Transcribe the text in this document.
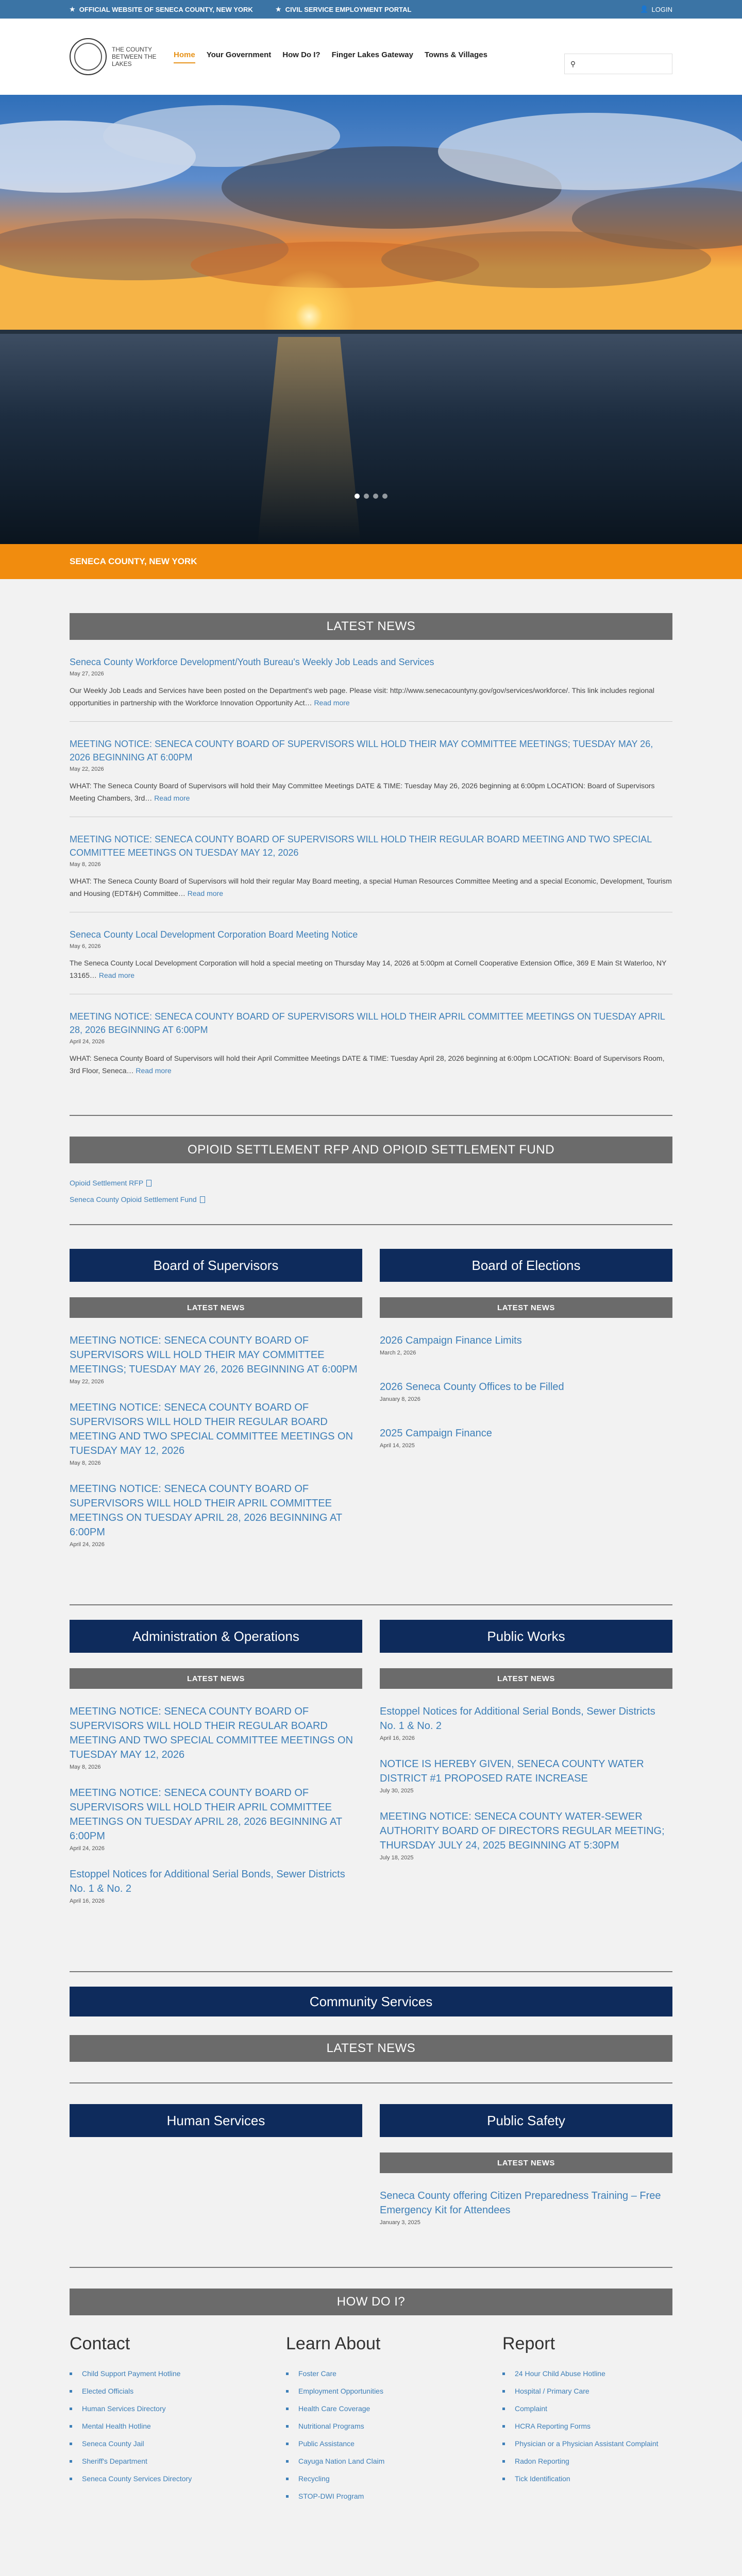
★ OFFICIAL WEBSITE OF SENECA COUNTY, NEW YORK	★ CIVIL SERVICE EMPLOYMENT PORTAL	👤 LOGIN
THE COUNTY BETWEEN THE LAKES
Home Your Government How Do I? Finger Lakes Gateway Towns & Villages
⚲
SENECA COUNTY, NEW YORK
LATEST NEWS
Seneca County Workforce Development/Youth Bureau's Weekly Job Leads and Services
May 27, 2026
Our Weekly Job Leads and Services have been posted on the Department's web page. Please visit: http://www.senecacountyny.gov/gov/services/workforce/. This link includes regional opportunities in partnership with the Workforce Innovation Opportunity Act… Read more
MEETING NOTICE: SENECA COUNTY BOARD OF SUPERVISORS WILL HOLD THEIR MAY COMMITTEE MEETINGS; TUESDAY MAY 26, 2026 BEGINNING AT 6:00PM
May 22, 2026
WHAT: The Seneca County Board of Supervisors will hold their May Committee Meetings DATE & TIME: Tuesday May 26, 2026 beginning at 6:00pm LOCATION: Board of Supervisors Meeting Chambers, 3rd… Read more
MEETING NOTICE: SENECA COUNTY BOARD OF SUPERVISORS WILL HOLD THEIR REGULAR BOARD MEETING AND TWO SPECIAL COMMITTEE MEETINGS ON TUESDAY MAY 12, 2026
May 8, 2026
WHAT: The Seneca County Board of Supervisors will hold their regular May Board meeting, a special Human Resources Committee Meeting and a special Economic, Development, Tourism and Housing (EDT&H) Committee… Read more
Seneca County Local Development Corporation Board Meeting Notice
May 6, 2026
The Seneca County Local Development Corporation will hold a special meeting on Thursday May 14, 2026 at 5:00pm at Cornell Cooperative Extension Office, 369 E Main St Waterloo, NY 13165… Read more
MEETING NOTICE: SENECA COUNTY BOARD OF SUPERVISORS WILL HOLD THEIR APRIL COMMITTEE MEETINGS ON TUESDAY APRIL 28, 2026 BEGINNING AT 6:00PM
April 24, 2026
WHAT: Seneca County Board of Supervisors will hold their April Committee Meetings DATE & TIME: Tuesday April 28, 2026 beginning at 6:00pm LOCATION: Board of Supervisors Room, 3rd Floor, Seneca… Read more
OPIOID SETTLEMENT RFP AND OPIOID SETTLEMENT FUND
Opioid Settlement RFP
Seneca County Opioid Settlement Fund
Board of Supervisors
LATEST NEWS
MEETING NOTICE: SENECA COUNTY BOARD OF SUPERVISORS WILL HOLD THEIR MAY COMMITTEE MEETINGS; TUESDAY MAY 26, 2026 BEGINNING AT 6:00PM
May 22, 2026
MEETING NOTICE: SENECA COUNTY BOARD OF SUPERVISORS WILL HOLD THEIR REGULAR BOARD MEETING AND TWO SPECIAL COMMITTEE MEETINGS ON TUESDAY MAY 12, 2026
May 8, 2026
MEETING NOTICE: SENECA COUNTY BOARD OF SUPERVISORS WILL HOLD THEIR APRIL COMMITTEE MEETINGS ON TUESDAY APRIL 28, 2026 BEGINNING AT 6:00PM
April 24, 2026
Board of Elections
LATEST NEWS
2026 Campaign Finance Limits
March 2, 2026
2026 Seneca County Offices to be Filled
January 8, 2026
2025 Campaign Finance
April 14, 2025
Administration & Operations
LATEST NEWS
MEETING NOTICE: SENECA COUNTY BOARD OF SUPERVISORS WILL HOLD THEIR REGULAR BOARD MEETING AND TWO SPECIAL COMMITTEE MEETINGS ON TUESDAY MAY 12, 2026
May 8, 2026
MEETING NOTICE: SENECA COUNTY BOARD OF SUPERVISORS WILL HOLD THEIR APRIL COMMITTEE MEETINGS ON TUESDAY APRIL 28, 2026 BEGINNING AT 6:00PM
April 24, 2026
Estoppel Notices for Additional Serial Bonds, Sewer Districts No. 1 & No. 2
April 16, 2026
Public Works
LATEST NEWS
Estoppel Notices for Additional Serial Bonds, Sewer Districts No. 1 & No. 2
April 16, 2026
NOTICE IS HEREBY GIVEN, SENECA COUNTY WATER DISTRICT #1 PROPOSED RATE INCREASE
July 30, 2025
MEETING NOTICE: SENECA COUNTY WATER-SEWER AUTHORITY BOARD OF DIRECTORS REGULAR MEETING; THURSDAY JULY 24, 2025 BEGINNING AT 5:30PM
July 18, 2025
Community Services
LATEST NEWS
Human Services	Public Safety
LATEST NEWS
Seneca County offering Citizen Preparedness Training – Free Emergency Kit for Attendees
January 3, 2025
HOW DO I?
Contact
Child Support Payment Hotline
Elected Officials
Human Services Directory
Mental Health Hotline
Seneca County Jail
Sheriff's Department
Seneca County Services Directory
Learn About
Foster Care
Employment Opportunities
Health Care Coverage
Nutritional Programs
Public Assistance
Cayuga Nation Land Claim
Recycling
STOP-DWI Program
Report
24 Hour Child Abuse Hotline
Hospital / Primary Care
Complaint
HCRA Reporting Forms
Physician or a Physician Assistant Complaint
Radon Reporting
Tick Identification
